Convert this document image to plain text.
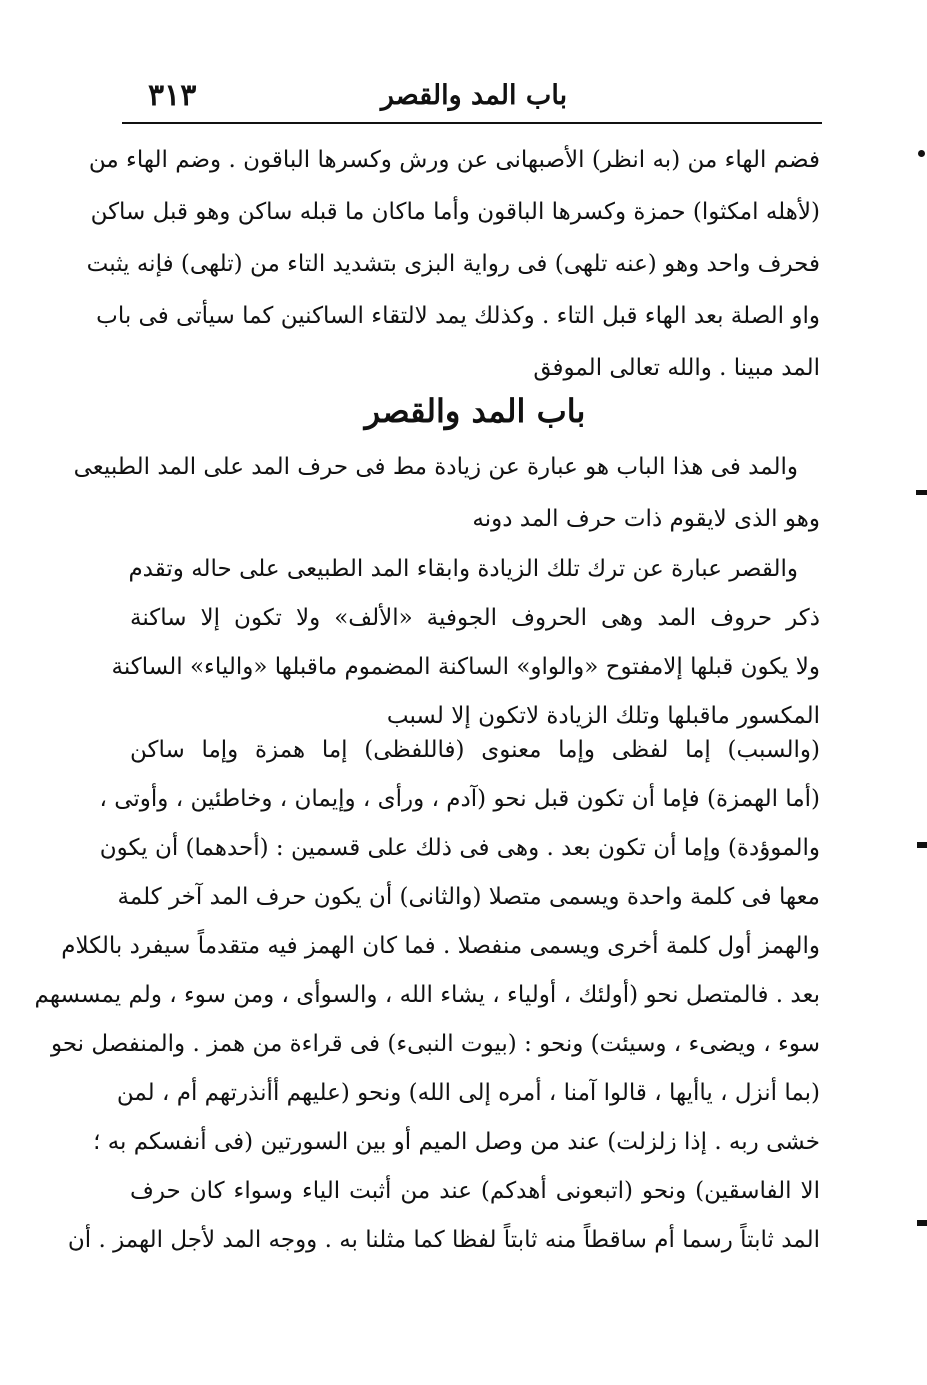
٣١٣	باب المد والقصر
فضم الهاء من (به انظر) الأصبهانى عن ورش وكسرها الباقون . وضم الهاء من
(لأهله امكثوا) حمزة وكسرها الباقون وأما ماكان ما قبله ساكن وهو قبل ساكن
فحرف واحد وهو (عنه تلهى) فى رواية البزى بتشديد التاء من (تلهى) فإنه يثبت
واو الصلة بعد الهاء قبل التاء . وكذلك يمد لالتقاء الساكنين كما سيأتى فى باب
المد مبينا . والله تعالى الموفق
باب المد والقصر
والمد فى هذا الباب هو عبارة عن زيادة مط فى حرف المد على المد الطبيعى
وهو الذى لايقوم ذات حرف المد دونه
والقصر عبارة عن ترك تلك الزيادة وابقاء المد الطبيعى على حاله وتقدم
ذكر حروف المد وهى الحروف الجوفية «الألف» ولا تكون إلا ساكنة
ولا يكون قبلها إلامفتوح «والواو» الساكنة المضموم ماقبلها «والياء» الساكنة
المكسور ماقبلها وتلك الزيادة لاتكون إلا لسبب
(والسبب) إما لفظى وإما معنوى (فاللفظى) إما همزة وإما ساكن
(أما الهمزة) فإما أن تكون قبل نحو (آدم ، ورأى ، وإيمان ، وخاطئين ، وأوتى ،
والموؤدة) وإما أن تكون بعد . وهى فى ذلك على قسمين : (أحدهما) أن يكون
معها فى كلمة واحدة ويسمى متصلا (والثانى) أن يكون حرف المد آخر كلمة
والهمز أول كلمة أخرى ويسمى منفصلا . فما كان الهمز فيه متقدماً سيفرد بالكلام
بعد . فالمتصل نحو (أولئك ، أولياء ، يشاء الله ، والسوأى ، ومن سوء ، ولم يمسسهم
سوء ، ويضىء ، وسيئت) ونحو : (بيوت النبىء) فى قراءة من همز . والمنفصل نحو
(بما أنزل ، ياأيها ، قالوا آمنا ، أمره إلى الله) ونحو (عليهم أأنذرتهم أم ، لمن
خشى ربه . إذا زلزلت) عند من وصل الميم أو بين السورتين (فى أنفسكم به ؛
الا الفاسقين) ونحو (اتبعونى أهدكم) عند من أثبت الياء وسواء كان حرف
المد ثابتاً رسما أم ساقطاً منه ثابتاً لفظا كما مثلنا به . ووجه المد لأجل الهمز . أن
